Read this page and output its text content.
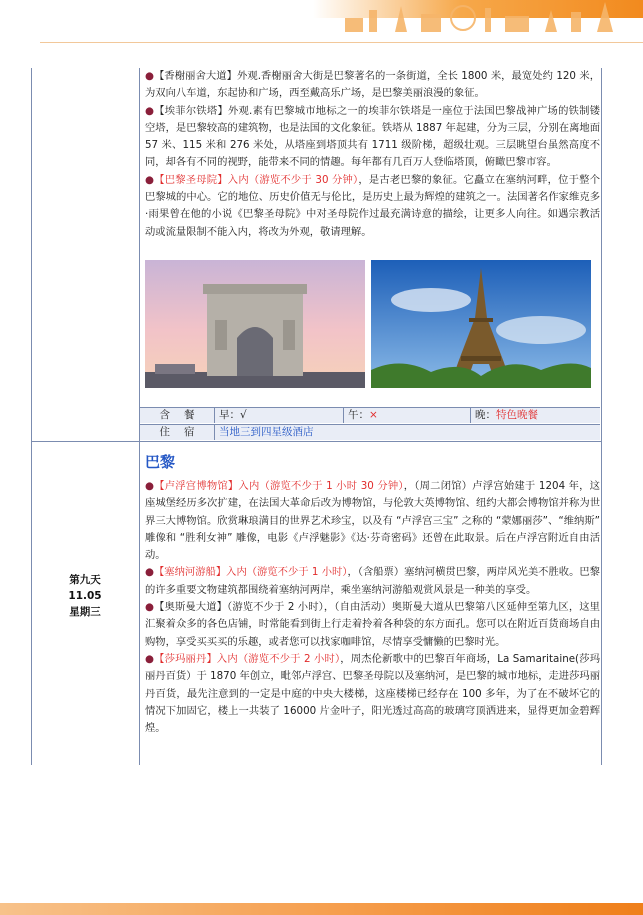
●【香榭丽舍大道】外观.香榭丽舍大街是巴黎著名的一条街道，全长 1800 米，最宽处约 120 米，为双向八车道，东起协和广场，西至戴高乐广场，是巴黎美丽浪漫的象征。

●【埃菲尔铁塔】外观.素有巴黎城市地标之一的埃菲尔铁塔是一座位于法国巴黎战神广场的铁制镂空塔，是巴黎较高的建筑物，也是法国的文化象征。铁塔从 1887 年起建，分为三层，分别在离地面 57 米、115 米和 276 米处，从塔座到塔顶共有 1711 级阶梯，超级壮观。三层眺望台虽然高度不同，却各有不同的视野，能带来不同的情趣。每年都有几百万人登临塔顶，俯瞰巴黎市容。

●【巴黎圣母院】入内（游览不少于 30 分钟），是古老巴黎的象征。它矗立在塞纳河畔，位于整个巴黎城的中心。它的地位、历史价值无与伦比，是历史上最为辉煌的建筑之一。法国著名作家维克多·雨果曾在他的小说《巴黎圣母院》中对圣母院作过最充满诗意的描绘，让更多人向往。如遇宗教活动或流量限制不能入内，将改为外观，敬请理解。

含餐	早：√	午：×	晚：特色晚餐
住宿	当地三到四星级酒店
第九天
11.05
星期三
巴黎

●【卢浮宫博物馆】入内（游览不少于 1 小时 30 分钟），（周二闭馆）卢浮宫始建于 1204 年，这座城堡经历多次扩建，在法国大革命后改为博物馆，与伦敦大英博物馆、纽约大都会博物馆并称为世界三大博物馆。欣赏琳琅满目的世界艺术珍宝，以及有 “卢浮宫三宝” 之称的 “蒙娜丽莎”、“维纳斯” 雕像和 “胜利女神” 雕像，电影《卢浮魅影》《达·芬奇密码》还曾在此取景。后在卢浮宫附近自由活动。

●【塞纳河游船】入内（游览不少于 1 小时），（含船票）塞纳河横贯巴黎，两岸风光美不胜收。巴黎的许多重要文物建筑都围绕着塞纳河两岸，乘坐塞纳河游船观赏风景是一种美的享受。

●【奥斯曼大道】（游览不少于 2 小时），（自由活动）奥斯曼大道从巴黎第八区延伸至第九区，这里汇聚着众多的各色店铺，时常能看到街上行走着拎着各种袋的东方面孔。您可以在附近百货商场自由购物，享受买买买的乐趣，或者您可以找家咖啡馆，尽情享受慵懒的巴黎时光。

●【莎玛丽丹】入内（游览不少于 2 小时），周杰伦新歌中的巴黎百年商场，La Samaritaine(莎玛丽丹百货）于 1870 年创立，毗邻卢浮宫、巴黎圣母院以及塞纳河，是巴黎的城市地标，走进莎玛丽丹百货，最先注意到的一定是中庭的中央大楼梯，这座楼梯已经存在 100 多年，为了在不破坏它的情况下加固它，楼上一共装了 16000 片金叶子，阳光透过高高的玻璃穹顶洒进来，显得更加金碧辉煌。
